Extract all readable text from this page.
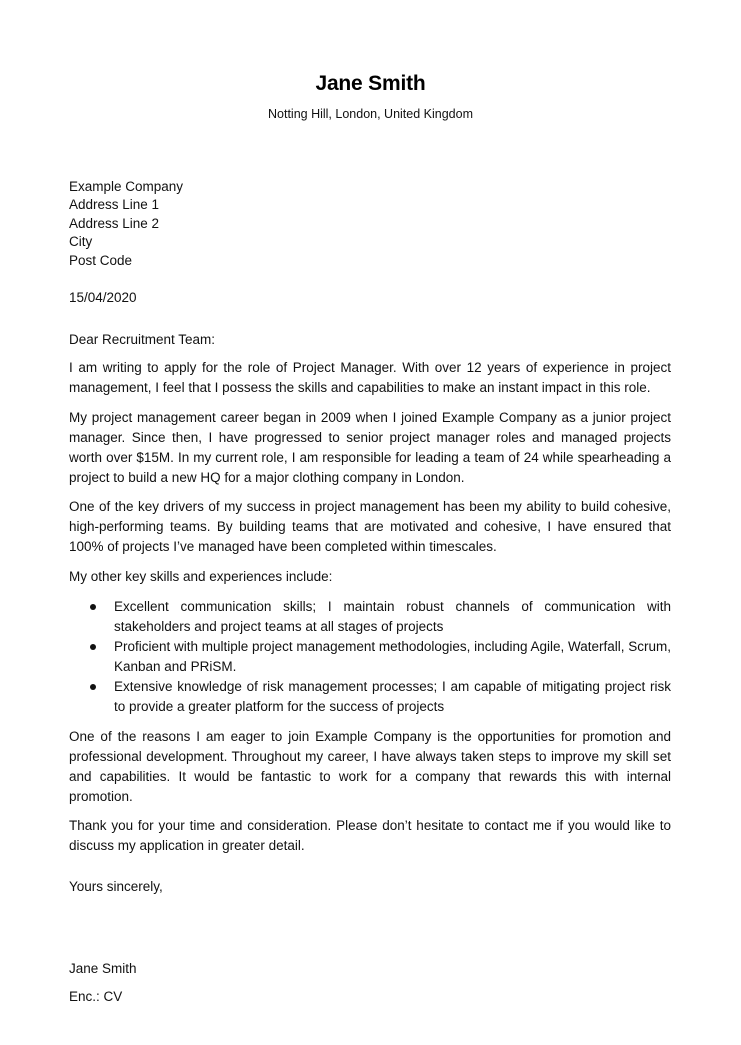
Jane Smith
Notting Hill, London, United Kingdom
Example Company
Address Line 1
Address Line 2
City
Post Code
15/04/2020
Dear Recruitment Team:
I am writing to apply for the role of Project Manager. With over 12 years of experience in project management, I feel that I possess the skills and capabilities to make an instant impact in this role.
My project management career began in 2009 when I joined Example Company as a junior project manager. Since then, I have progressed to senior project manager roles and managed projects worth over $15M. In my current role, I am responsible for leading a team of 24 while spearheading a project to build a new HQ for a major clothing company in London.
One of the key drivers of my success in project management has been my ability to build cohesive, high-performing teams. By building teams that are motivated and cohesive, I have ensured that 100% of projects I’ve managed have been completed within timescales.
My other key skills and experiences include:
Excellent communication skills; I maintain robust channels of communication with stakeholders and project teams at all stages of projects
Proficient with multiple project management methodologies, including Agile, Waterfall, Scrum, Kanban and PRiSM.
Extensive knowledge of risk management processes; I am capable of mitigating project risk to provide a greater platform for the success of projects
One of the reasons I am eager to join Example Company is the opportunities for promotion and professional development. Throughout my career, I have always taken steps to improve my skill set and capabilities. It would be fantastic to work for a company that rewards this with internal promotion.
Thank you for your time and consideration. Please don’t hesitate to contact me if you would like to discuss my application in greater detail.
Yours sincerely,
Jane Smith
Enc.: CV
